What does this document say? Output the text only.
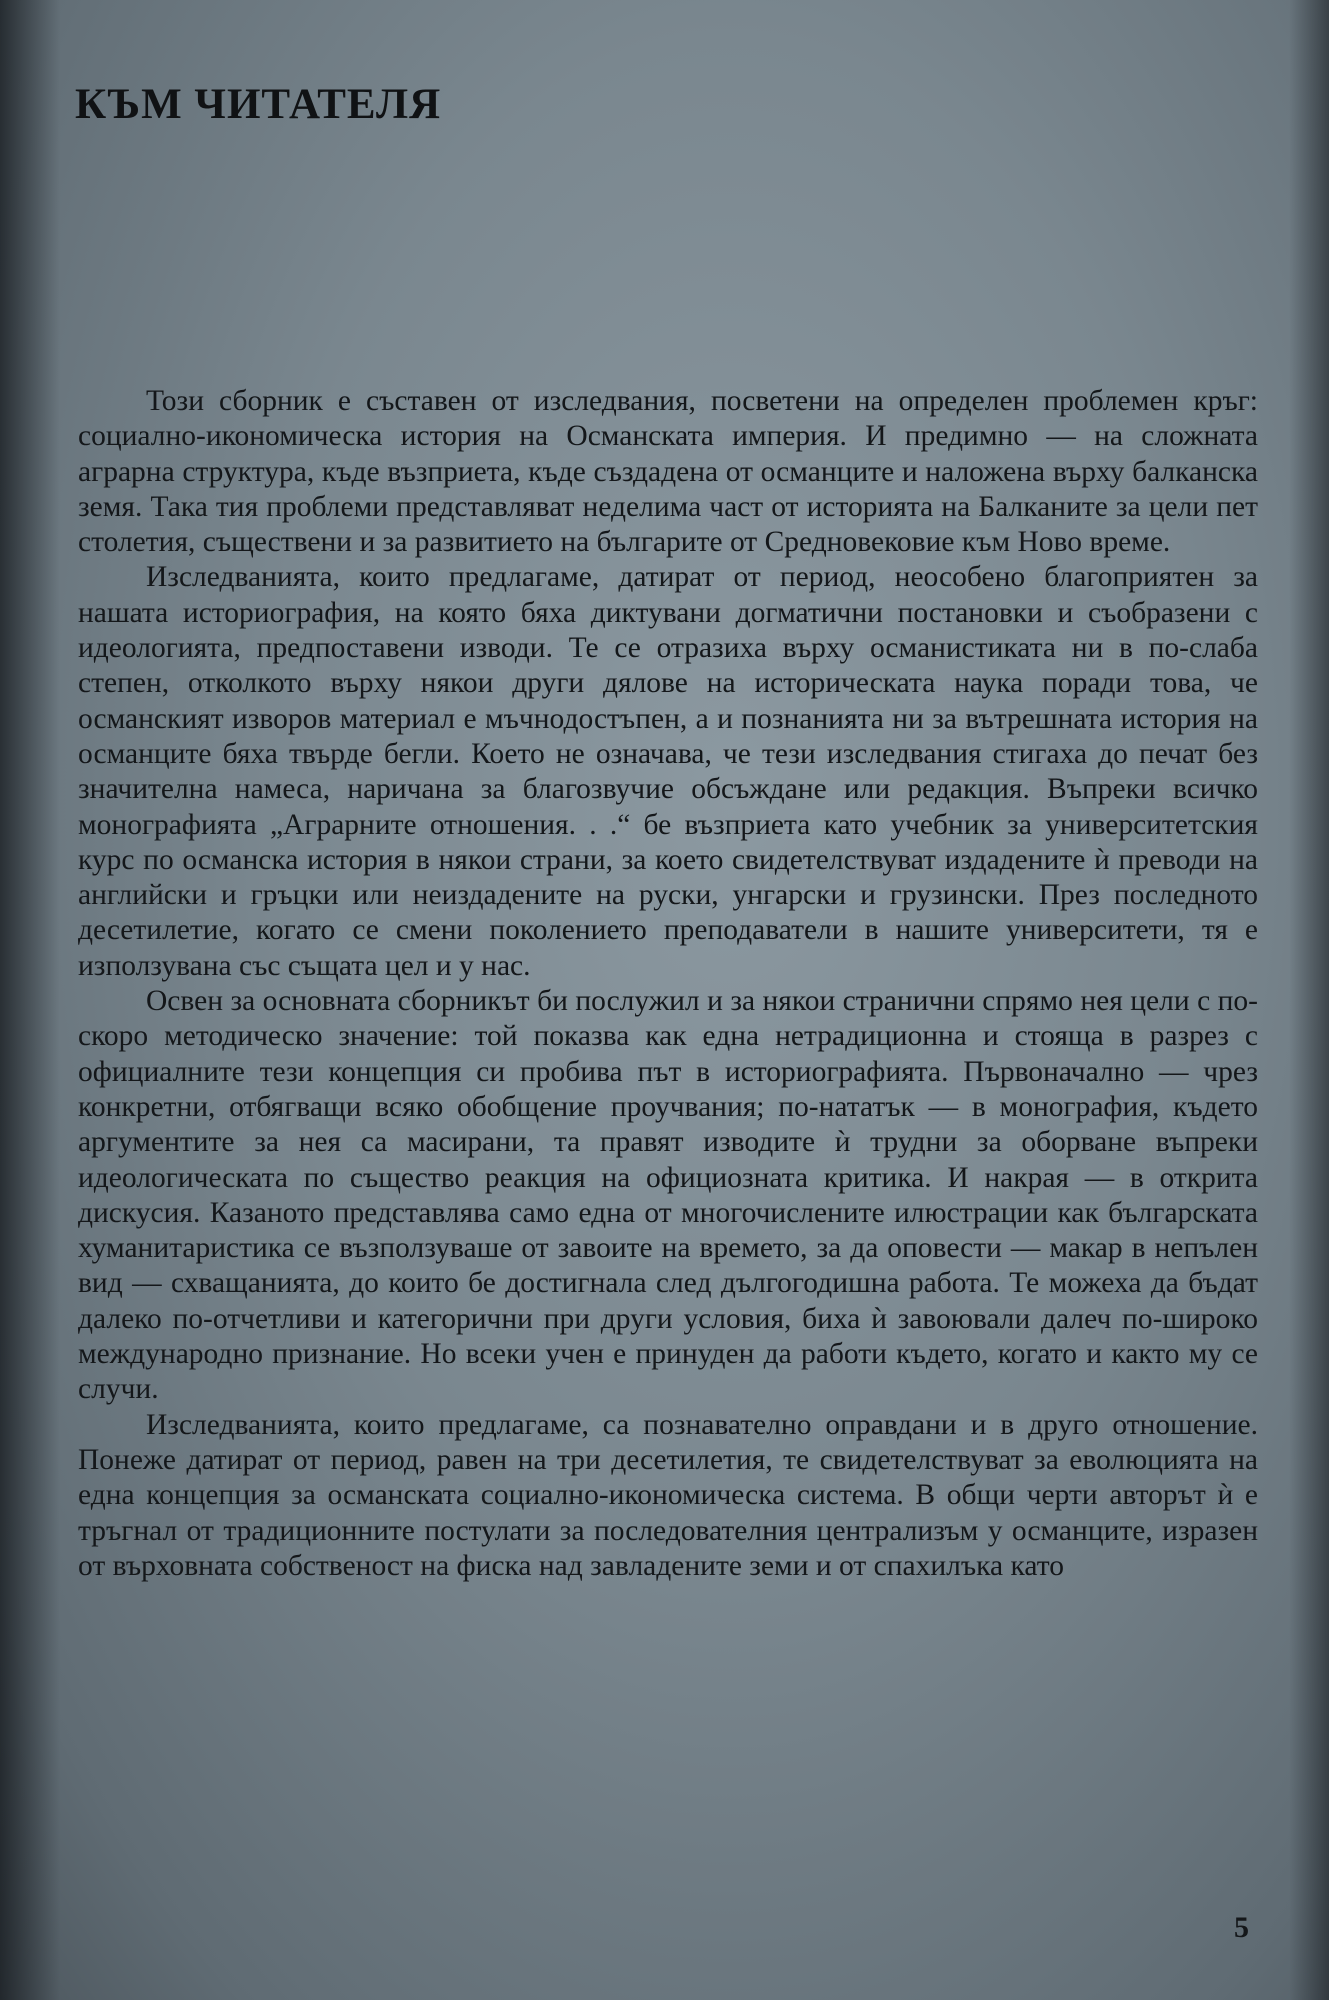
КЪМ ЧИТАТЕЛЯ

Този сборник е съставен от изследвания, посветени на определен проблемен кръг: социално-икономическа история на Османската империя. И предимно — на сложната аграрна структура, къде възприета, къде създадена от османците и наложена върху балканска земя. Така тия проблеми представляват неделима част от историята на Балканите за цели пет столетия, съществени и за развитието на българите от Средновековие към Ново време.

Изследванията, които предлагаме, датират от период, неособено благоприятен за нашата историография, на която бяха диктувани догматични постановки и съобразени с идеологията, предпоставени изводи. Те се отразиха върху османистиката ни в по-слаба степен, отколкото върху някои други дялове на историческата наука поради това, че османският изворов материал е мъчнодостъпен, а и познанията ни за вътрешната история на османците бяха твърде бегли. Което не означава, че тези изследвания стигаха до печат без значителна намеса, наричана за благозвучие обсъждане или редакция. Въпреки всичко монографията „Аграрните отношения. . .“ бе възприета като учебник за университетския курс по османска история в някои страни, за което свидетелствуват издадените ѝ преводи на английски и гръцки или неиздадените на руски, унгарски и грузински. През последното десетилетие, когато се смени поколението преподаватели в нашите университети, тя е използувана със същата цел и у нас.

Освен за основната сборникът би послужил и за някои странични спрямо нея цели с по-скоро методическо значение: той показва как една нетрадиционна и стояща в разрез с официалните тези концепция си пробива път в историографията. Първоначално — чрез конкретни, отбягващи всяко обобщение проучвания; по-нататък — в монография, където аргументите за нея са масирани, та правят изводите ѝ трудни за оборване въпреки идеологическата по същество реакция на официозната критика. И накрая — в открита дискусия. Казаното представлява само една от многочислените илюстрации как българската хуманитаристика се възползуваше от завоите на времето, за да оповести — макар в непълен вид — схващанията, до които бе достигнала след дългогодишна работа. Те можеха да бъдат далеко по-отчетливи и категорични при други условия, биха ѝ завоювали далеч по-широко международно признание. Но всеки учен е принуден да работи където, когато и както му се случи.

Изследванията, които предлагаме, са познавателно оправдани и в друго отношение. Понеже датират от период, равен на три десетилетия, те свидетелствуват за еволюцията на една концепция за османската социално-икономическа система. В общи черти авторът ѝ е тръгнал от традиционните постулати за последователния централизъм у османците, изразен от върховната собственост на фиска над завладените земи и от спахилъка като

5
